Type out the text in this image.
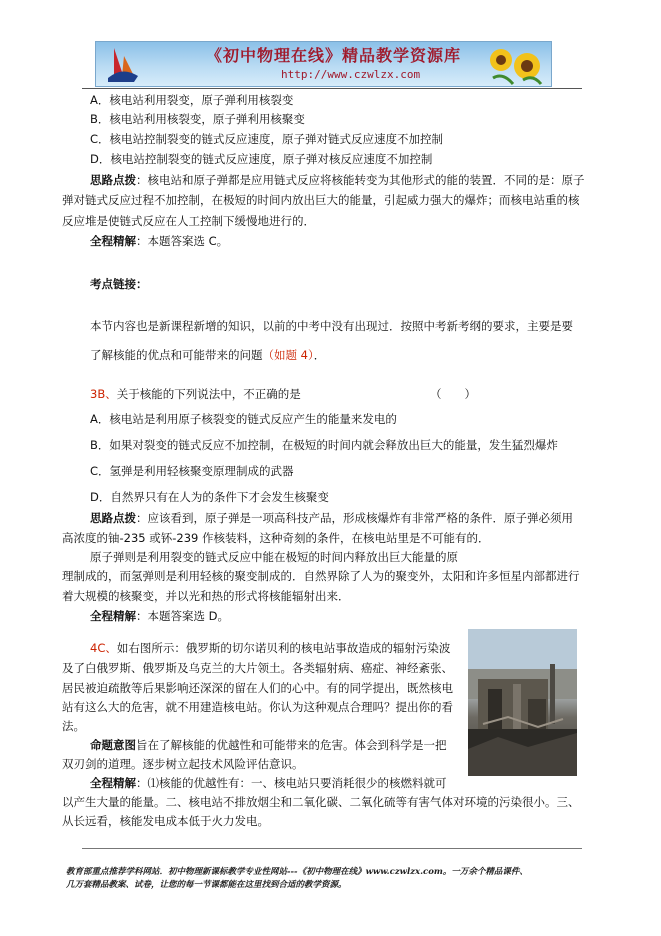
《初中物理在线》精品教学资源库
http://www.czwlzx.com
A．核电站利用裂变，原子弹利用核裂变
B．核电站利用核裂变，原子弹利用核聚变
C．核电站控制裂变的链式反应速度，原子弹对链式反应速度不加控制
D．核电站控制裂变的链式反应速度，原子弹对核反应速度不加控制
思路点拨：核电站和原子弹都是应用链式反应将核能转变为其他形式的能的装置．不同的是：原子
弹对链式反应过程不加控制，在极短的时间内放出巨大的能量，引起威力强大的爆炸；而核电站重的核
反应堆是使链式反应在人工控制下缓慢地进行的．
全程精解：本题答案选 C。
考点链接：
本节内容也是新课程新增的知识，以前的中考中没有出现过．按照中考新考纲的要求，主要是要
了解核能的优点和可能带来的问题（如题 4）．
3B、关于核能的下列说法中，不正确的是	（　　）
A．核电站是利用原子核裂变的链式反应产生的能量来发电的
B．如果对裂变的链式反应不加控制，在极短的时间内就会释放出巨大的能量，发生猛烈爆炸
C．氢弹是利用轻核聚变原理制成的武器
D．自然界只有在人为的条件下才会发生核聚变
思路点拨：应该看到，原子弹是一项高科技产品，形成核爆炸有非常严格的条件．原子弹必须用
高浓度的铀-235 或钚-239 作核装料，这种奇刻的条件，在核电站里是不可能有的．
原子弹则是利用裂变的链式反应中能在极短的时间内释放出巨大能量的原
理制成的，而氢弹则是利用轻核的聚变制成的．自然界除了人为的聚变外，太阳和许多恒星内部都进行
着大规模的核聚变，并以光和热的形式将核能辐射出来．
全程精解：本题答案选 D。
4C、如右图所示：俄罗斯的切尔诺贝利的核电站事故造成的辐射污染波
及了白俄罗斯、俄罗斯及乌克兰的大片领土。各类辐射病、癌症、神经紊张、
居民被迫疏散等后果影响还深深的留在人们的心中。有的同学提出，既然核电
站有这么大的危害，就不用建造核电站。你认为这种观点合理吗？提出你的看
法。
命题意图旨在了解核能的优越性和可能带来的危害。体会到科学是一把
双刃剑的道理。逐步树立起技术风险评估意识。
全程精解：⑴核能的优越性有：一、核电站只要消耗很少的核燃料就可
以产生大量的能量。二、核电站不排放烟尘和二氧化碳、二氧化硫等有害气体对环境的污染很小。三、
从长远看，核能发电成本低于火力发电。
教育部重点推荐学科网站．初中物理新课标教学专业性网站---《初中物理在线》www.czwlzx.com。一万余个精品课件、
几万套精品教案、试卷，让您的每一节课都能在这里找到合适的教学资源。
